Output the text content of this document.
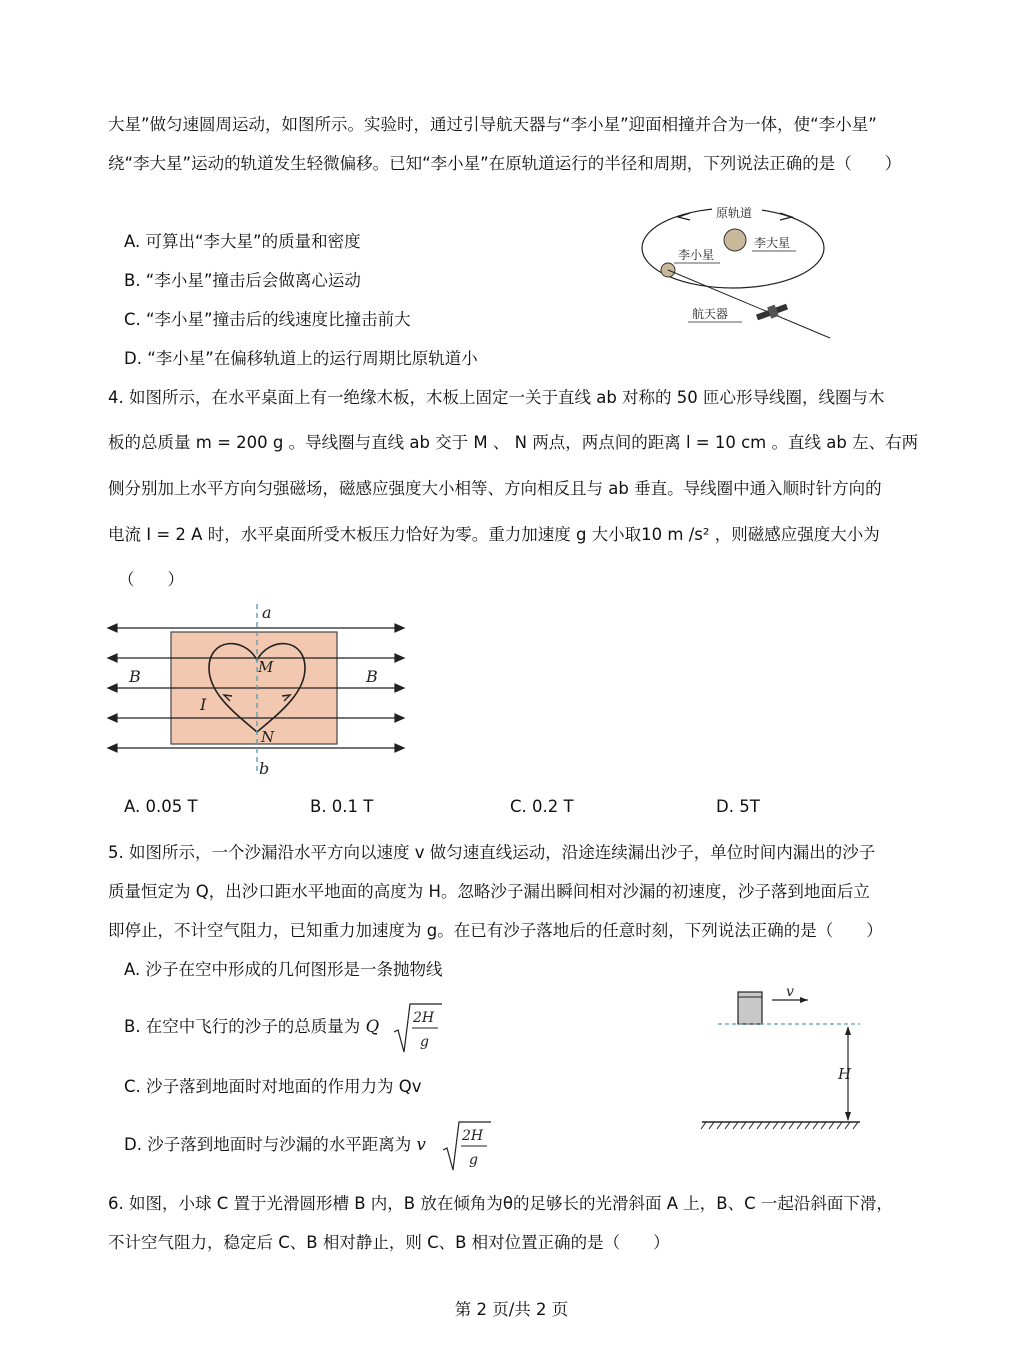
大星”做匀速圆周运动，如图所示。实验时，通过引导航天器与“李小星”迎面相撞并合为一体，使“李小星”
绕“李大星”运动的轨道发生轻微偏移。已知“李小星”在原轨道运行的半径和周期，下列说法正确的是（　　）
A. 可算出“李大星”的质量和密度
B. “李小星”撞击后会做离心运动
C. “李小星”撞击后的线速度比撞击前大
D. “李小星”在偏移轨道上的运行周期比原轨道小
原轨道
李大星
李小星
航天器
4. 如图所示，在水平桌面上有一绝缘木板，木板上固定一关于直线 ab 对称的 50 匝心形导线圈，线圈与木
板的总质量 m = 200 g 。导线圈与直线 ab 交于 M 、 N 两点，两点间的距离 l = 10 cm 。直线 ab 左、右两
侧分别加上水平方向匀强磁场，磁感应强度大小相等、方向相反且与 ab 垂直。导线圈中通入顺时针方向的
电流 I = 2 A 时，水平桌面所受木板压力恰好为零。重力加速度 g 大小取10 m /s² ，则磁感应强度大小为
（　　）
a
b
M
N
B	B
I
A. 0.05 T	B. 0.1 T	C. 0.2 T	D. 5T
5. 如图所示，一个沙漏沿水平方向以速度 v 做匀速直线运动，沿途连续漏出沙子，单位时间内漏出的沙子
质量恒定为 Q，出沙口距水平地面的高度为 H。忽略沙子漏出瞬间相对沙漏的初速度，沙子落到地面后立
即停止，不计空气阻力，已知重力加速度为 g。在已有沙子落地后的任意时刻，下列说法正确的是（　　）
A. 沙子在空中形成的几何图形是一条抛物线
B. 在空中飞行的沙子的总质量为 Q 2H
g
C. 沙子落到地面时对地面的作用力为 Qv
D. 沙子落到地面时与沙漏的水平距离为 v	2H
g
v
H
6. 如图，小球 C 置于光滑圆形槽 B 内，B 放在倾角为θ的足够长的光滑斜面 A 上，B、C 一起沿斜面下滑，
不计空气阻力，稳定后 C、B 相对静止，则 C、B 相对位置正确的是（　　）
第 2 页/共 2 页
